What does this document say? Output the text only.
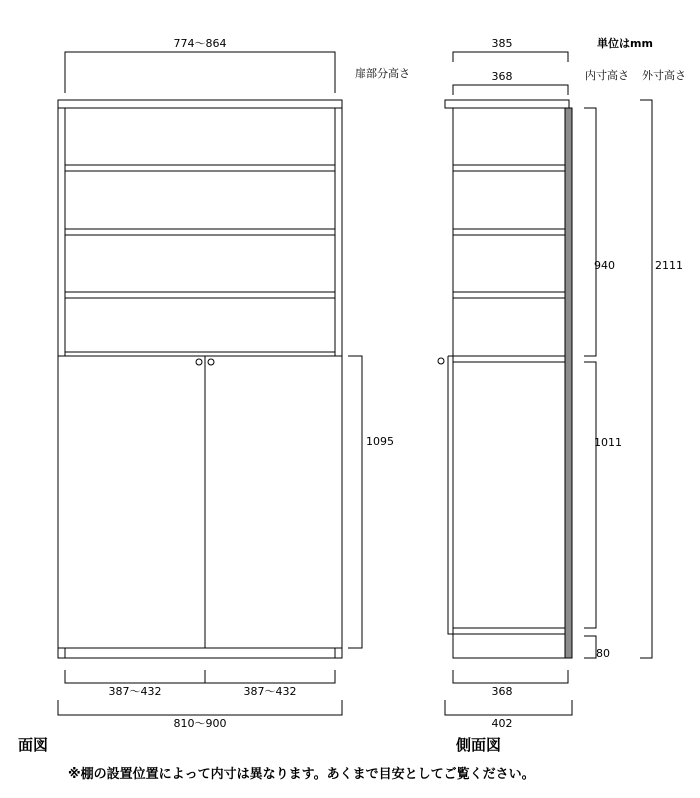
774～864
扉部分高さ
1095
387～432	387～432
810～900
面図
単位はmm
385
368	内寸高さ 外寸高さ
940
1011
80
2111
368
402
側面図
※棚の設置位置によって内寸は異なります。あくまで目安としてご覧ください。
